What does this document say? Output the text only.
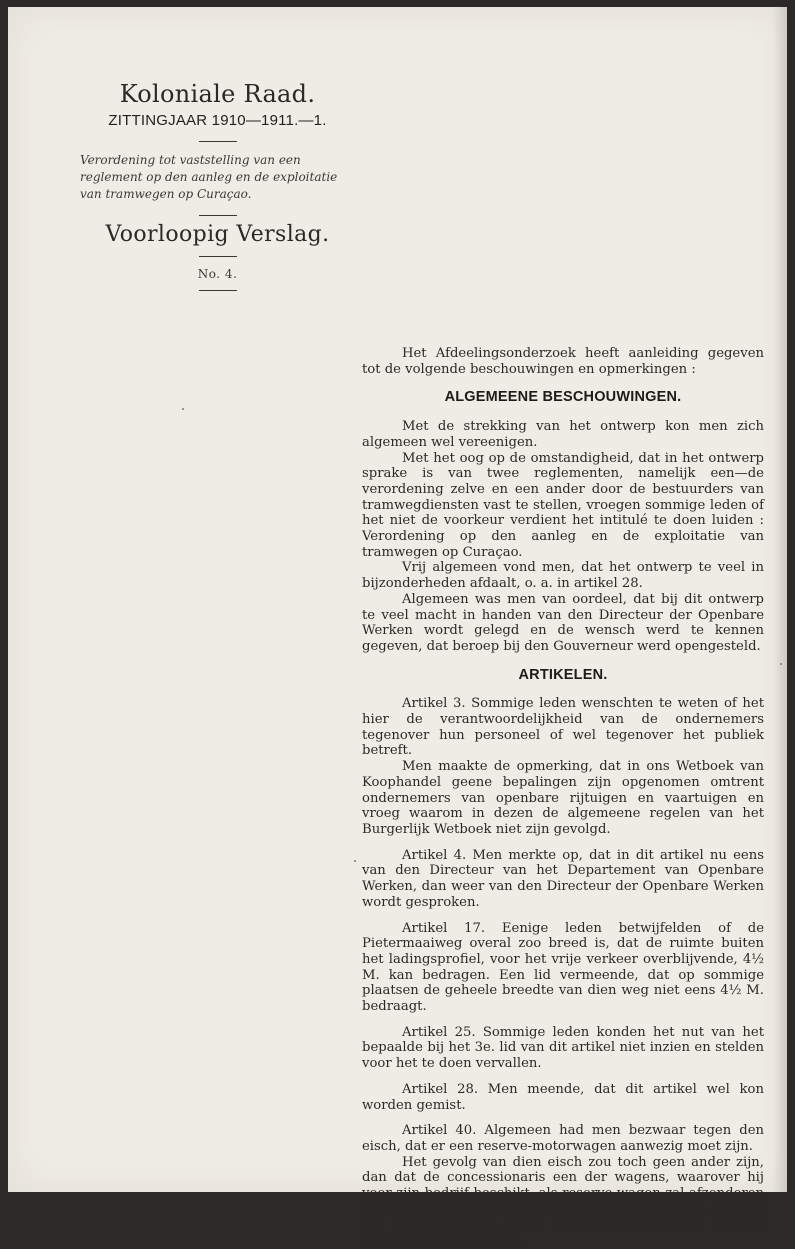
Koloniale Raad.
ZITTINGJAAR 1910—1911.—1.
Verordening tot vaststelling van een reglement op den aanleg en de exploitatie van tramwegen op Curaçao.
Voorloopig Verslag.
No. 4.

Het Afdeelingsonderzoek heeft aanleiding gegeven tot de volgende beschouwingen en opmerkingen :

ALGEMEENE BESCHOUWINGEN.

Met de strekking van het ontwerp kon men zich algemeen wel vereenigen.

Met het oog op de omstandigheid, dat in het ontwerp sprake is van twee reglementen, namelijk een—de verordening zelve en een ander door de bestuurders van tramwegdiensten vast te stellen, vroegen sommige leden of het niet de voorkeur verdient het intitulé te doen luiden : Verordening op den aanleg en de exploitatie van tramwegen op Curaçao.

Vrij algemeen vond men, dat het ontwerp te veel in bijzonderheden afdaalt, o. a. in artikel 28.

Algemeen was men van oordeel, dat bij dit ontwerp te veel macht in handen van den Directeur der Openbare Werken wordt gelegd en de wensch werd te kennen gegeven, dat beroep bij den Gouverneur werd opengesteld.

ARTIKELEN.

Artikel 3. Sommige leden wenschten te weten of het hier de verantwoordelijkheid van de ondernemers tegenover hun personeel of wel tegenover het publiek betreft.

Men maakte de opmerking, dat in ons Wetboek van Koophandel geene bepalingen zijn opgenomen omtrent ondernemers van openbare rijtuigen en vaartuigen en vroeg waarom in dezen de algemeene regelen van het Burgerlijk Wetboek niet zijn gevolgd.

Artikel 4. Men merkte op, dat in dit artikel nu eens van den Directeur van het Departement van Openbare Werken, dan weer van den Directeur der Openbare Werken wordt gesproken.

Artikel 17. Eenige leden betwijfelden of de Pietermaaiweg overal zoo breed is, dat de ruimte buiten het ladingsprofiel, voor het vrije verkeer overblijvende, 4½ M. kan bedragen. Een lid vermeende, dat op sommige plaatsen de geheele breedte van dien weg niet eens 4½ M. bedraagt.

Artikel 25. Sommige leden konden het nut van het bepaalde bij het 3e. lid van dit artikel niet inzien en stelden voor het te doen vervallen.

Artikel 28. Men meende, dat dit artikel wel kon worden gemist.

Artikel 40. Algemeen had men bezwaar tegen den eisch, dat er een reserve-motorwagen aanwezig moet zijn.

Het gevolg van dien eisch zou toch geen ander zijn, dan dat de concessionaris een der wagens, waarover hij voor zijn bedrijf beschikt, als reserve-wagen zal afzonderen ten schade van het publiek, dat er belang bij heeft, dat een zoo groot mogelijk aantal wagens gelijktijdig in gebruik kunnen worden gesteld,
